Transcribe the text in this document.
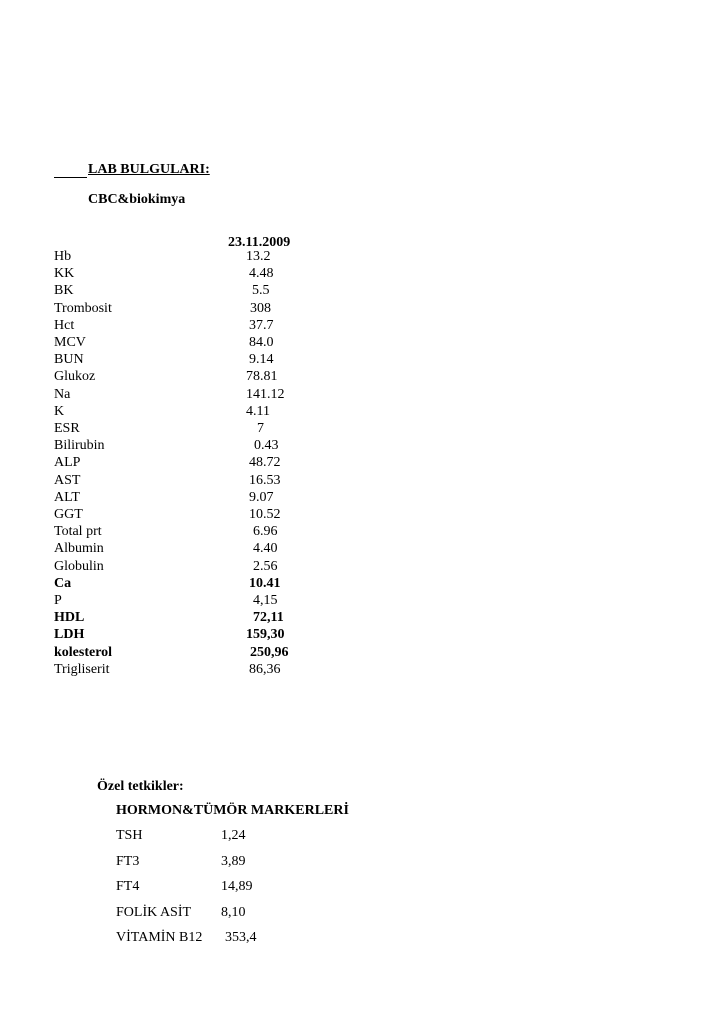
LAB BULGULARI:
CBC&biokimya
23.11.2009
Hb	13.2
KK	4.48
BK	5.5
Trombosit	308
Hct	37.7
MCV	84.0
BUN	9.14
Glukoz	78.81
Na	141.12
K	4.11
ESR	7
Bilirubin	0.43
ALP	48.72
AST	16.53
ALT	9.07
GGT	10.52
Total prt	6.96
Albumin	4.40
Globulin	2.56
Ca	10.41
P	4,15
HDL	72,11
LDH	159,30
kolesterol	250,96
Trigliserit	86,36
Özel tetkikler:
HORMON&TÜMÖR MARKERLERİ
TSH	1,24
FT3	3,89
FT4	14,89
FOLİK ASİT 8,10
VİTAMİN B12 353,4
